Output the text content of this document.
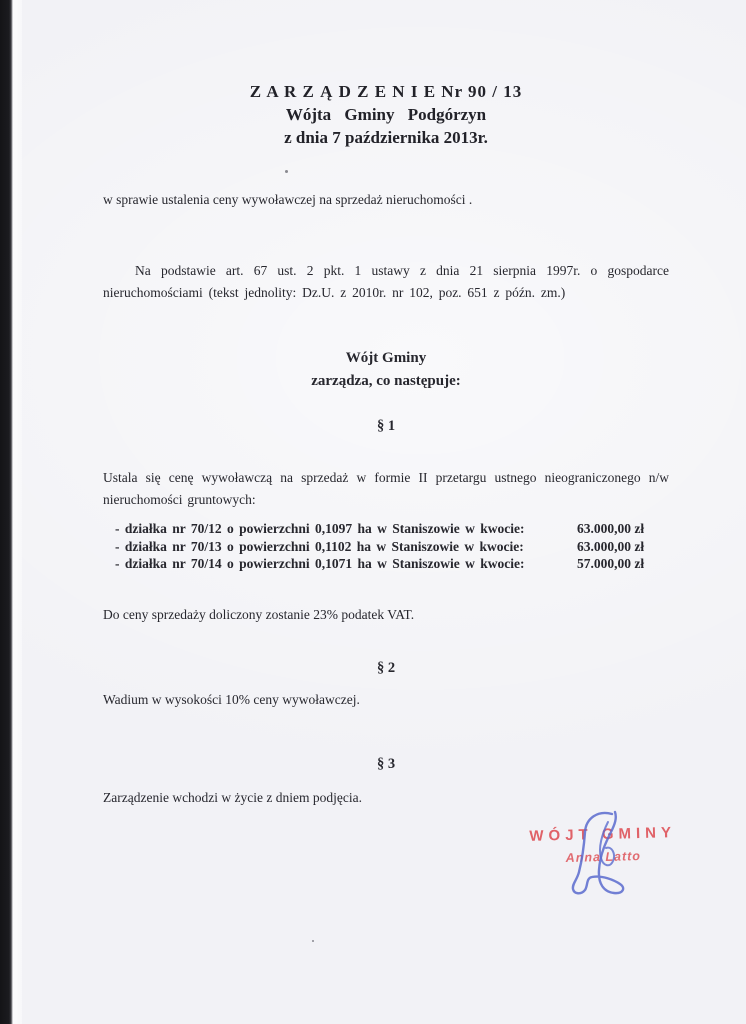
Z A R Z Ą D Z E N I E Nr 90 / 13
Wójta Gminy Podgórzyn
z dnia 7 października 2013r.
w sprawie ustalenia ceny wywoławczej na sprzedaż nieruchomości .
Na podstawie art. 67 ust. 2 pkt. 1 ustawy z dnia 21 sierpnia 1997r. o gospodarce nieruchomościami (tekst jednolity: Dz.U. z 2010r. nr 102, poz. 651 z późn. zm.)
Wójt Gminy
zarządza, co następuje:
§ 1
Ustala się cenę wywoławczą na sprzedaż w formie II przetargu ustnego nieograniczonego n/w nieruchomości gruntowych:
- działka nr 70/12 o powierzchni 0,1097 ha w Staniszowie w kwocie:	63.000,00 zł
- działka nr 70/13 o powierzchni 0,1102 ha w Staniszowie w kwocie:	63.000,00 zł
- działka nr 70/14 o powierzchni 0,1071 ha w Staniszowie w kwocie:	57.000,00 zł
Do ceny sprzedaży doliczony zostanie 23% podatek VAT.
§ 2
Wadium w wysokości 10% ceny wywoławczej.
§ 3
Zarządzenie wchodzi w życie z dniem podjęcia.
WÓJT GMINY
Anna Latto
